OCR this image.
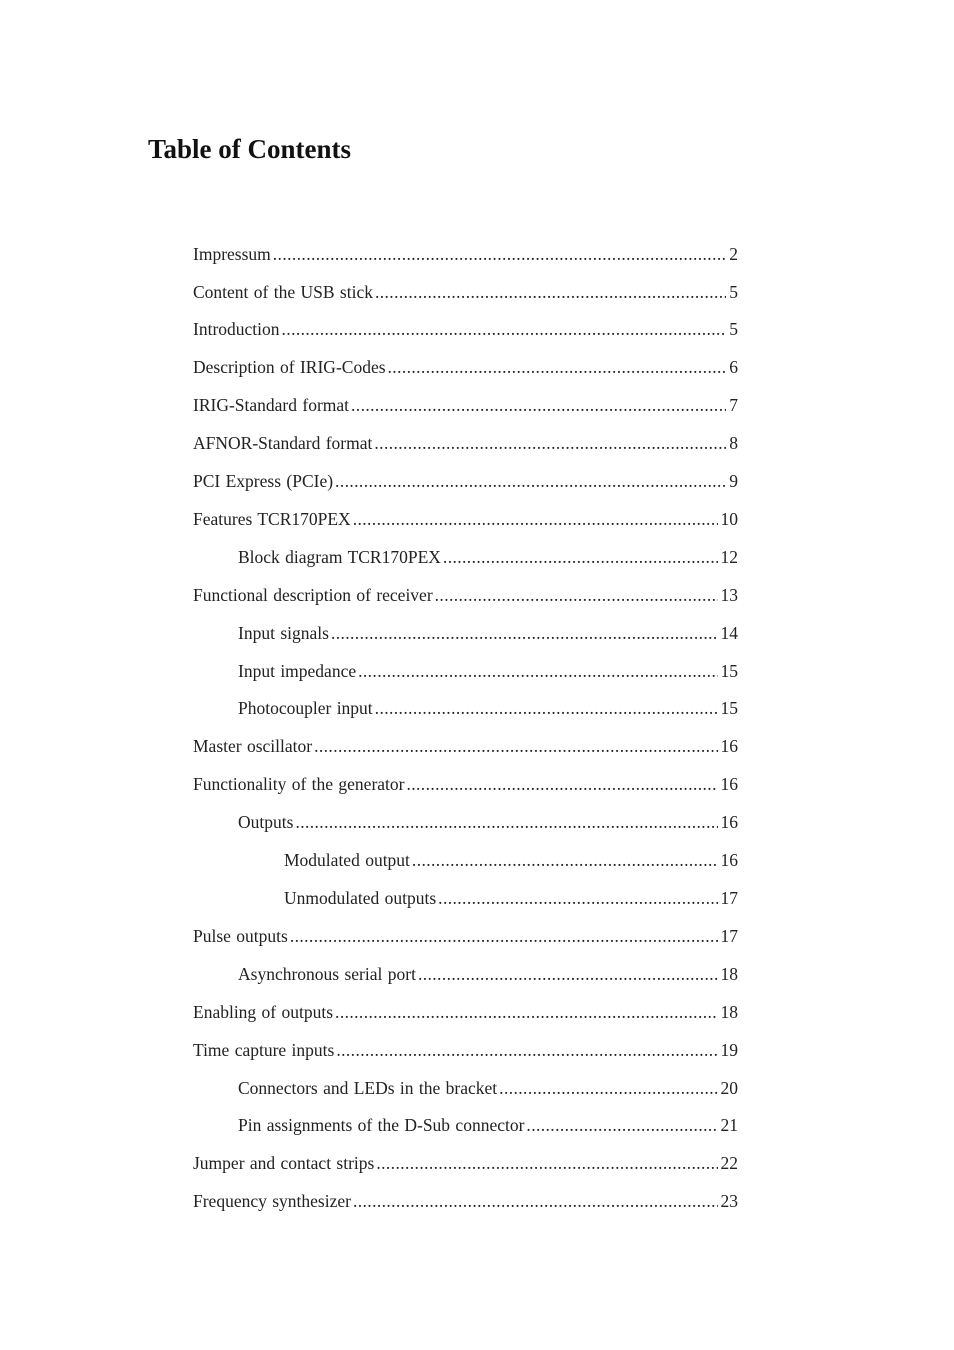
Table of Contents
Impressum .....	2
Content of the USB stick .....	5
Introduction .....	5
Description of IRIG-Codes .....	6
IRIG-Standard format .....	7
AFNOR-Standard format .....	8
PCI Express (PCIe) .....	9
Features TCR170PEX .....	10
Block diagram TCR170PEX .....	12
Functional description of receiver .....	13
Input signals .....	14
Input impedance .....	15
Photocoupler input .....	15
Master oscillator .....	16
Functionality of the generator .....	16
Outputs .....	16
Modulated output .....	16
Unmodulated outputs .....	17
Pulse outputs .....	17
Asynchronous serial port .....	18
Enabling of outputs .....	18
Time capture inputs .....	19
Connectors and LEDs in the bracket .....	20
Pin assignments of the D-Sub connector .....	21
Jumper and contact strips .....	22
Frequency synthesizer .....	23
